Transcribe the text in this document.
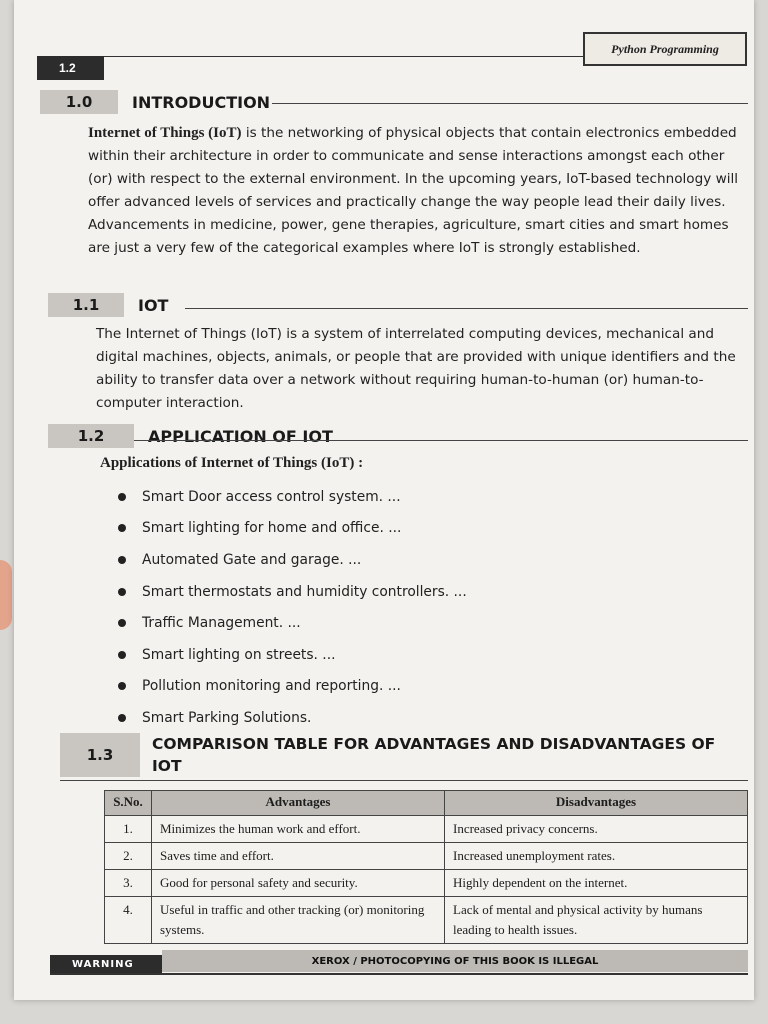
Python Programming
1.2
1.0	INTRODUCTION

Internet of Things (IoT) is the networking of physical objects that contain electronics embedded within their architecture in order to communicate and sense interactions amongst each other (or) with respect to the external environment. In the upcoming years, IoT-based technology will offer advanced levels of services and practically change the way people lead their daily lives. Advancements in medicine, power, gene therapies, agriculture, smart cities and smart homes are just a very few of the categorical examples where IoT is strongly established.

1.1	IOT

The Internet of Things (IoT) is a system of interrelated computing devices, mechanical and digital machines, objects, animals, or people that are provided with unique identifiers and the ability to transfer data over a network without requiring human-to-human (or) human-to-computer interaction.

1.2	APPLICATION OF IOT
Applications of Internet of Things (IoT) :
Smart Door access control system. ...
Smart lighting for home and office. ...
Automated Gate and garage. ...
Smart thermostats and humidity controllers. ...
Traffic Management. ...
Smart lighting on streets. ...
Pollution monitoring and reporting. ...
Smart Parking Solutions.
1.3
COMPARISON TABLE FOR ADVANTAGES AND DISADVANTAGES OF
IOT
S.No.	Advantages	Disadvantages
1.	Minimizes the human work and effort.	Increased privacy concerns.
2.	Saves time and effort.	Increased unemployment rates.
3.	Good for personal safety and security.	Highly dependent on the internet.
4.	Useful in traffic and other tracking (or) monitoring systems.	Lack of mental and physical activity by humans leading to health issues.
XEROX / PHOTOCOPYING OF THIS BOOK IS ILLEGAL
WARNING
